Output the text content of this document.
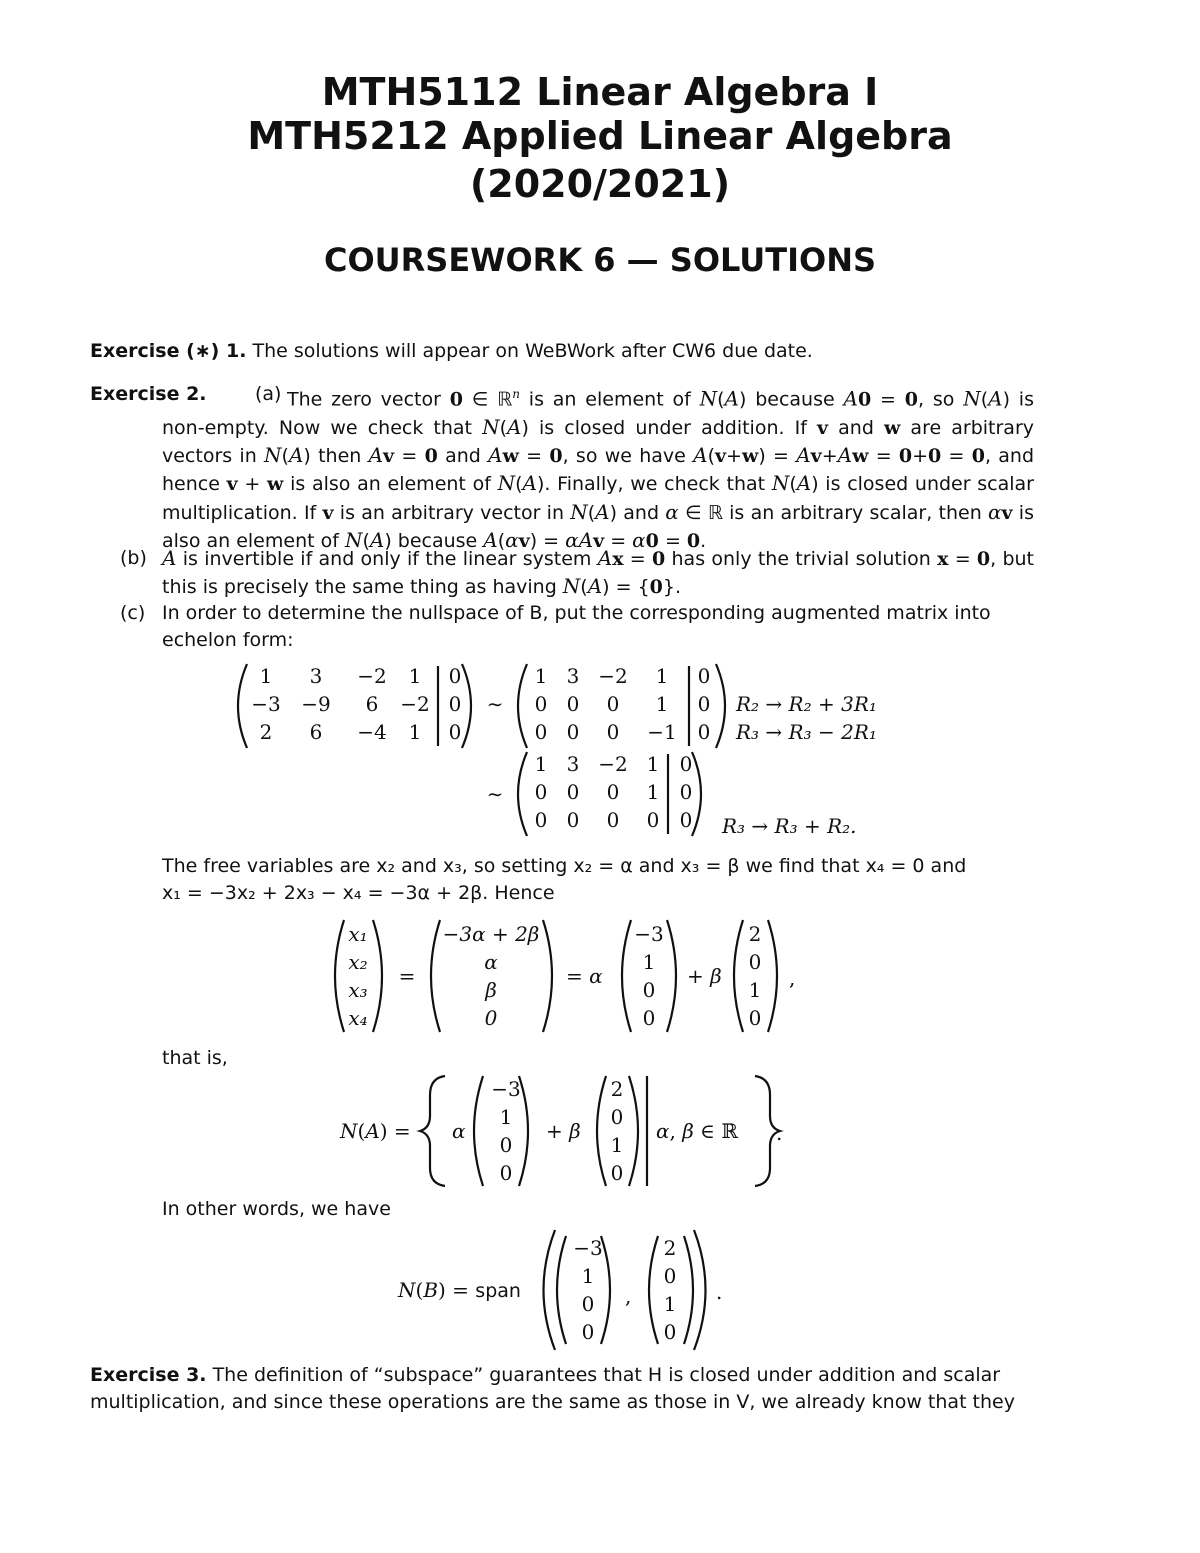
MTH5112 Linear Algebra I
MTH5212 Applied Linear Algebra
(2020/2021)
COURSEWORK 6 — SOLUTIONS
Exercise (∗) 1. The solutions will appear on WeBWork after CW6 due date.
Exercise 2.	(a) The zero vector 0 ∈ ℝ$^n$ is an element of N(A) because A0 = 0, so N(A) is non-empty. Now we check that N(A) is closed under addition. If v and w are arbitrary vectors in N(A) then Av = 0 and Aw = 0, so we have A(v+w) = Av+Aw = 0+0 = 0, and hence v + w is also an element of N(A). Finally, we check that N(A) is closed under scalar multiplication. If v is an arbitrary vector in N(A) and α ∈ ℝ is an arbitrary scalar, then αv is also an element of N(A) because A(αv) = αAv = α0 = 0.
(b) A is invertible if and only if the linear system Ax = 0 has only the trivial solution x = 0, but this is precisely the same thing as having N(A) = {0}.
(c) In order to determine the nullspace of B, put the corresponding augmented matrix into
echelon form:
1	3	−2	1	0
−3 −9	6	−2 0
2	6	−4	1	0
1 3 −2	1	0
0 0	0	1	0
0 0	0	−1	0
1 3 −2 1	0
0 0	0	1	0
0 0	0	0	0
x₁
x₂
x₃
x₄
−3α + 2β
α
β
0
−3
1
0
0
2
0
1
0
−3
1
0
0
2
0
1
0
−3
1
0
0
2
0
1
0
∼
∼
R₂ → R₂ + 3R₁
R₃ → R₃ − 2R₁
R₃ → R₃ + R₂.
The free variables are x₂ and x₃, so setting x₂ = α and x₃ = β we find that x₄ = 0 and
x₁ = −3x₂ + 2x₃ − x₄ = −3α + 2β. Hence
=	= α	+ β	,
that is,
N(A) = α	+ β	α, β ∈ ℝ .
In other words, we have
N(B) = span	,	.
Exercise 3. The definition of “subspace” guarantees that H is closed under addition and scalar
multiplication, and since these operations are the same as those in V, we already know that they
